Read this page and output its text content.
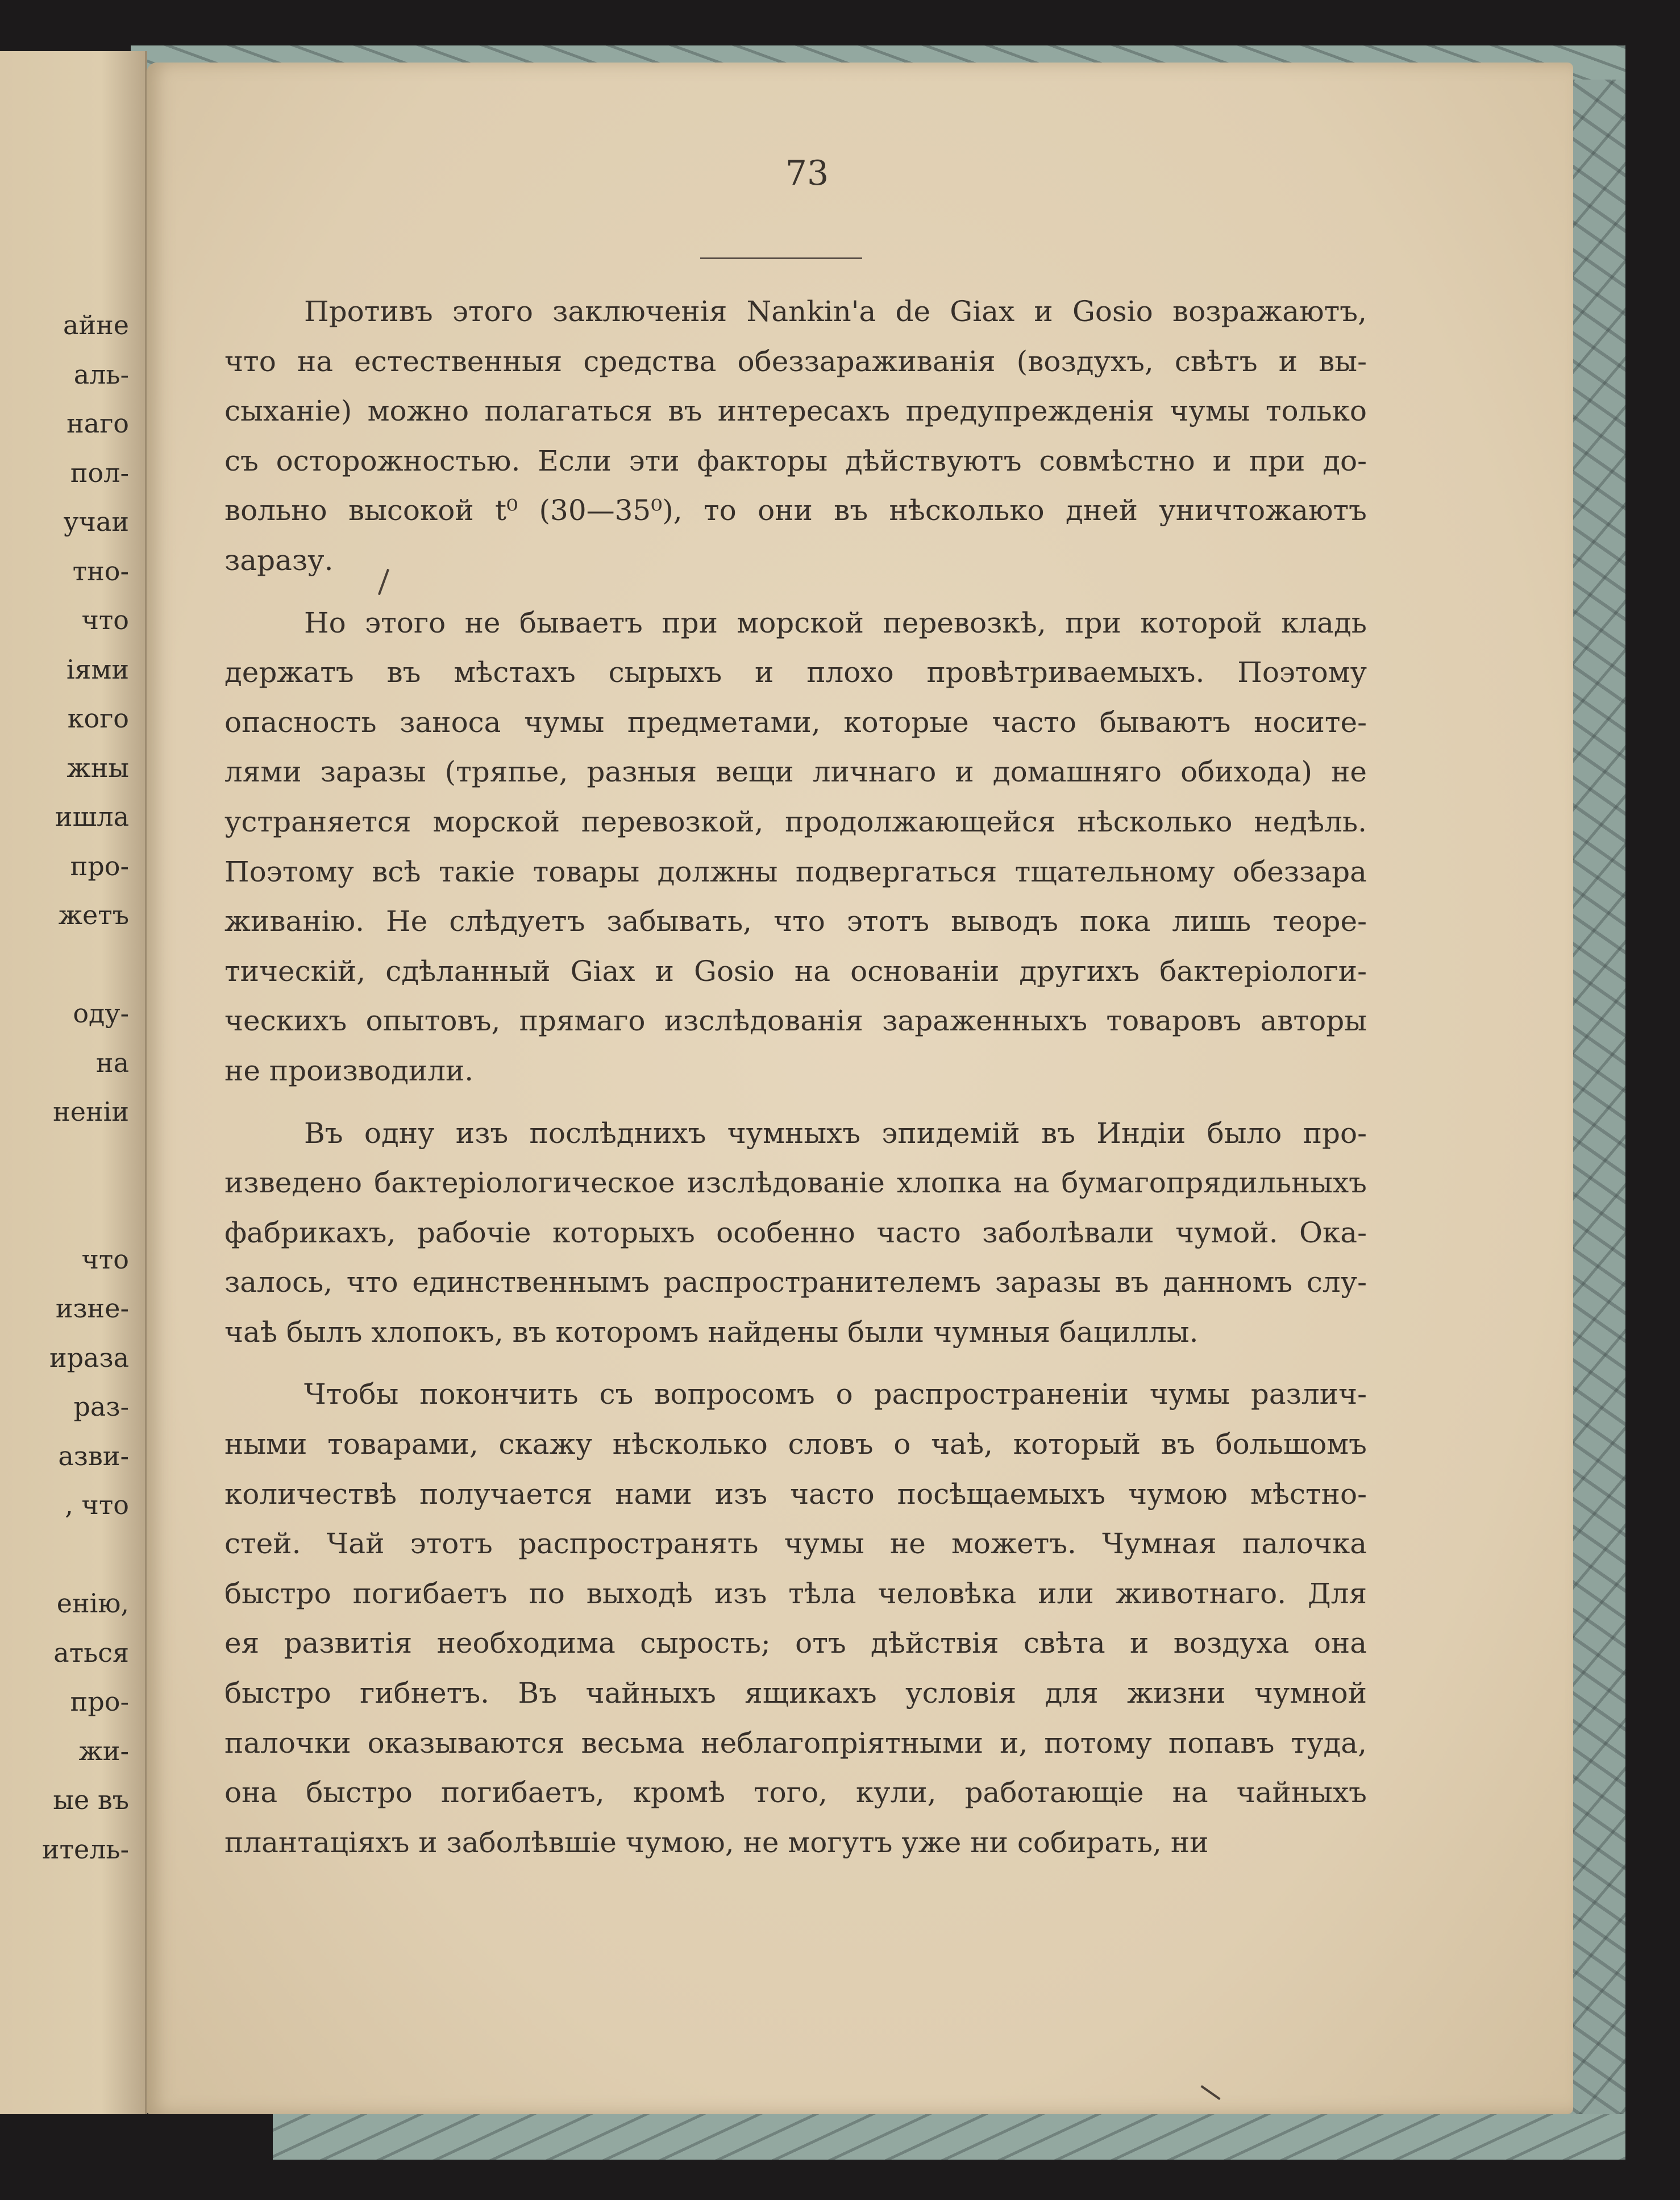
айне
аль-
наго
пол-
учаи
тно-
что
іями
кого
жны
ишла
про-
жетъ
оду-
на
неніи
что
изне-
ираза
раз-
азви-
, что
енію,
аться
про-
жи-
ые въ
итель-
73
Противъ этого заключенія Nankin'a de Giax и Gosio возражаютъ,
что на естественныя средства обеззараживанія (воздухъ, свѣтъ и вы-
сыханіе) можно полагаться въ интересахъ предупрежденія чумы только
съ осторожностью. Если эти факторы дѣйствуютъ совмѣстно и при до-
вольно высокой t⁰ (30—35⁰), то они въ нѣсколько дней уничтожаютъ
заразу.
Но этого не бываетъ при морской перевозкѣ, при которой кладь
держатъ въ мѣстахъ сырыхъ и плохо провѣтриваемыхъ. Поэтому
опасность заноса чумы предметами, которые часто бываютъ носите-
лями заразы (тряпье, разныя вещи личнаго и домашняго обихода) не
устраняется морской перевозкой, продолжающейся нѣсколько недѣль.
Поэтому всѣ такіе товары должны подвергаться тщательному обеззара
живанію. Не слѣдуетъ забывать, что этотъ выводъ пока лишь теоре-
тическій, сдѣланный Giax и Gosio на основаніи другихъ бактеріологи-
ческихъ опытовъ, прямаго изслѣдованія зараженныхъ товаровъ авторы
не производили.
Въ одну изъ послѣднихъ чумныхъ эпидемій въ Индіи было про-
изведено бактеріологическое изслѣдованіе хлопка на бумагопрядильныхъ
фабрикахъ, рабочіе которыхъ особенно часто заболѣвали чумой. Ока-
залось, что единственнымъ распространителемъ заразы въ данномъ слу-
чаѣ былъ хлопокъ, въ которомъ найдены были чумныя бациллы.
Чтобы покончить съ вопросомъ о распространеніи чумы различ-
ными товарами, скажу нѣсколько словъ о чаѣ, который въ большомъ
количествѣ получается нами изъ часто посѣщаемыхъ чумою мѣстно-
стей. Чай этотъ распространять чумы не можетъ. Чумная палочка
быстро погибаетъ по выходѣ изъ тѣла человѣка или животнаго. Для
ея развитія необходима сырость; отъ дѣйствія свѣта и воздуха она
быстро гибнетъ. Въ чайныхъ ящикахъ условія для жизни чумной
палочки оказываются весьма неблагопріятными и, потому попавъ туда,
она быстро погибаетъ, кромѣ того, кули, работающіе на чайныхъ
плантаціяхъ и заболѣвшіе чумою, не могутъ уже ни собирать, ни
